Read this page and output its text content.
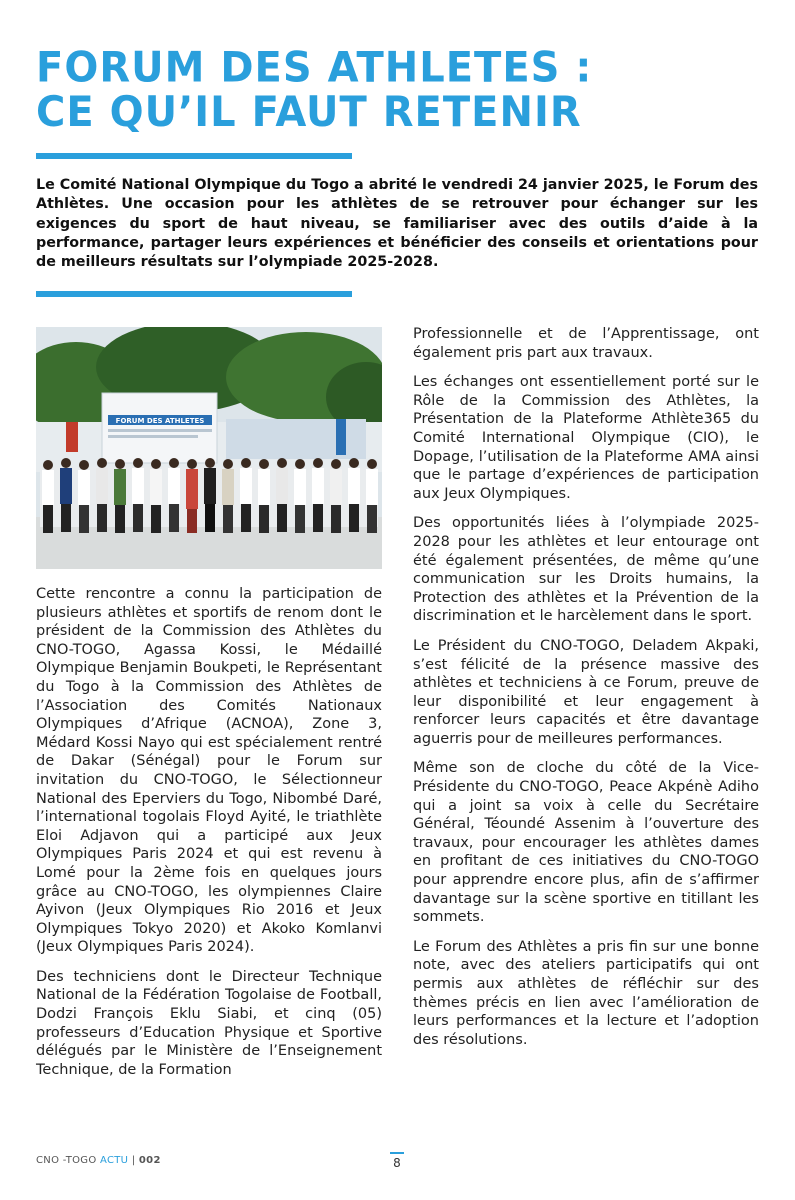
FORUM DES ATHLETES :
CE QU’IL FAUT RETENIR

Le Comité National Olympique du Togo a abrité le vendredi 24 janvier 2025, le Forum des Athlètes. Une occasion pour les athlètes de se retrouver pour échanger sur les exigences du sport de haut niveau, se familiariser avec des outils d’aide à la performance, partager leurs expériences et bénéficier des conseils et orientations pour de meilleurs résultats sur l’olympiade 2025-2028.

FORUM DES ATHLETES

Cette rencontre a connu la participation de plusieurs athlètes et sportifs de renom dont le président de la Commission des Athlètes du CNO-TOGO, Agassa Kossi, le Médaillé Olympique Benjamin Boukpeti, le Représentant du Togo à la Commission des Athlètes de l’Association des Comités Nationaux Olympiques d’Afrique (ACNOA), Zone 3, Médard Kossi Nayo qui est spécialement rentré de Dakar (Sénégal) pour le Forum sur invitation du CNO-TOGO, le Sélectionneur National des Eperviers du Togo, Nibombé Daré, l’international togolais Floyd Ayité, le triathlète Eloi Adjavon qui a participé aux Jeux Olympiques Paris 2024 et qui est revenu à Lomé pour la 2ème fois en quelques jours grâce au CNO-TOGO, les olympiennes Claire Ayivon (Jeux Olympiques Rio 2016 et Jeux Olympiques Tokyo 2020) et Akoko Komlanvi (Jeux Olympiques Paris 2024).

Des techniciens dont le Directeur Technique National de la Fédération Togolaise de Football, Dodzi François Eklu Siabi, et cinq (05) professeurs d’Education Physique et Sportive délégués par le Ministère de l’Enseignement Technique, de la Formation

Professionnelle et de l’Apprentissage, ont également pris part aux travaux.

Les échanges ont essentiellement porté sur le Rôle de la Commission des Athlètes, la Présentation de la Plateforme Athlète365 du Comité International Olympique (CIO), le Dopage, l’utilisation de la Plateforme AMA ainsi que le partage d’expériences de participation aux Jeux Olympiques.

Des opportunités liées à l’olympiade 2025-2028 pour les athlètes et leur entourage ont été également présentées, de même qu’une communication sur les Droits humains, la Protection des athlètes et la Prévention de la discrimination et le harcèlement dans le sport.

Le Président du CNO-TOGO, Deladem Akpaki, s’est félicité de la présence massive des athlètes et techniciens à ce Forum, preuve de leur disponibilité et leur engagement à renforcer leurs capacités et être davantage aguerris pour de meilleures performances.

Même son de cloche du côté de la Vice-Présidente du CNO-TOGO, Peace Akpénè Adiho qui a joint sa voix à celle du Secrétaire Général, Téoundé Assenim à l’ouverture des travaux, pour encourager les athlètes dames en profitant de ces initiatives du CNO-TOGO pour apprendre encore plus, afin de s’affirmer davantage sur la scène sportive en titillant les sommets.

Le Forum des Athlètes a pris fin sur une bonne note, avec des ateliers participatifs qui ont permis aux athlètes de réfléchir sur des thèmes précis en lien avec l’amélioration de leurs performances et la lecture et l’adoption des résolutions.

CNO -TOGO ACTU | 002	8
